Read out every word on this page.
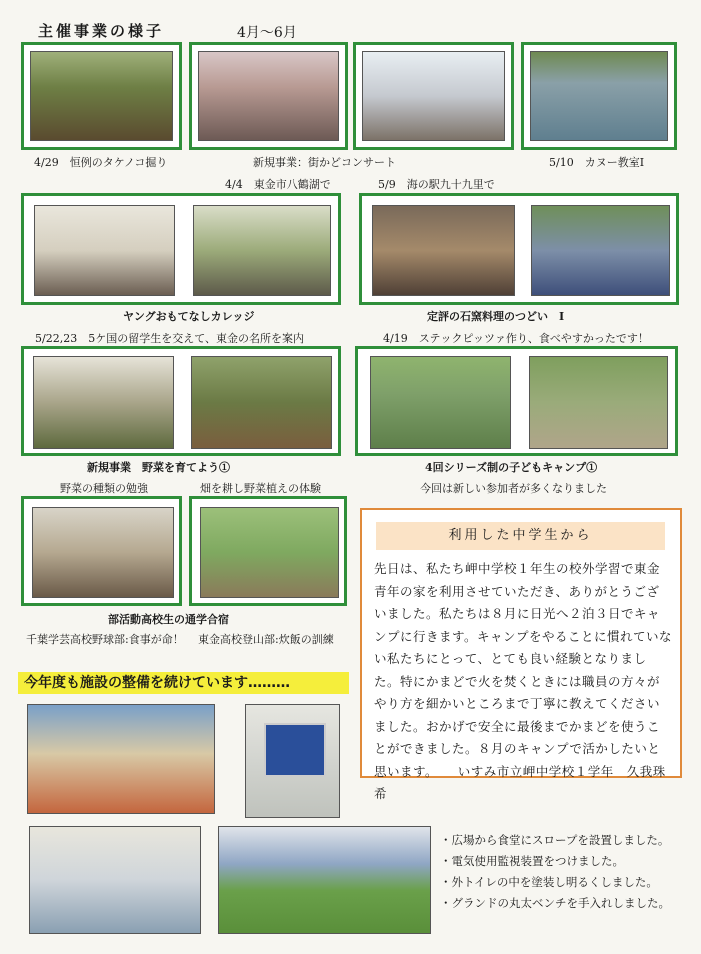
主催事業の様子	4月〜6月
4/29　恒例のタケノコ掘り	新規事業：街かどコンサート	5/10　カヌー教室Ⅰ
4/4　東金市八鶴湖で	5/9　海の駅九十九里で
ヤングおもてなしカレッジ	定評の石窯料理のつどい　Ⅰ
5/22,23　5ケ国の留学生を交えて、東金の名所を案内	4/19　ステックピッツァ作り、食べやすかったです！
新規事業　野菜を育てよう①	4回シリーズ制の子どもキャンプ①
野菜の種類の勉強	畑を耕し野菜植えの体験	今回は新しい参加者が多くなりました
部活動高校生の通学合宿
千葉学芸高校野球部:食事が命！ 東金高校登山部:炊飯の訓練
利用した中学生から
先日は、私たち岬中学校１年生の校外学習で東金青年の家を利用させていただき、ありがとうございました。私たちは８月に日光へ２泊３日でキャンプに行きます。キャンプをやることに慣れていない私たちにとって、とても良い経験となりました。特にかまどで火を焚くときには職員の方々がやり方を細かいところまで丁寧に教えてくださいました。おかげで安全に最後までかまどを使うことができました。８月のキャンプで活かしたいと思います。　　いすみ市立岬中学校１学年　久我珠希
今年度も施設の整備を続けています………
・広場から食堂にスロープを設置しました。
・電気使用監視装置をつけました。
・外トイレの中を塗装し明るくしました。
・グランドの丸太ベンチを手入れしました。
